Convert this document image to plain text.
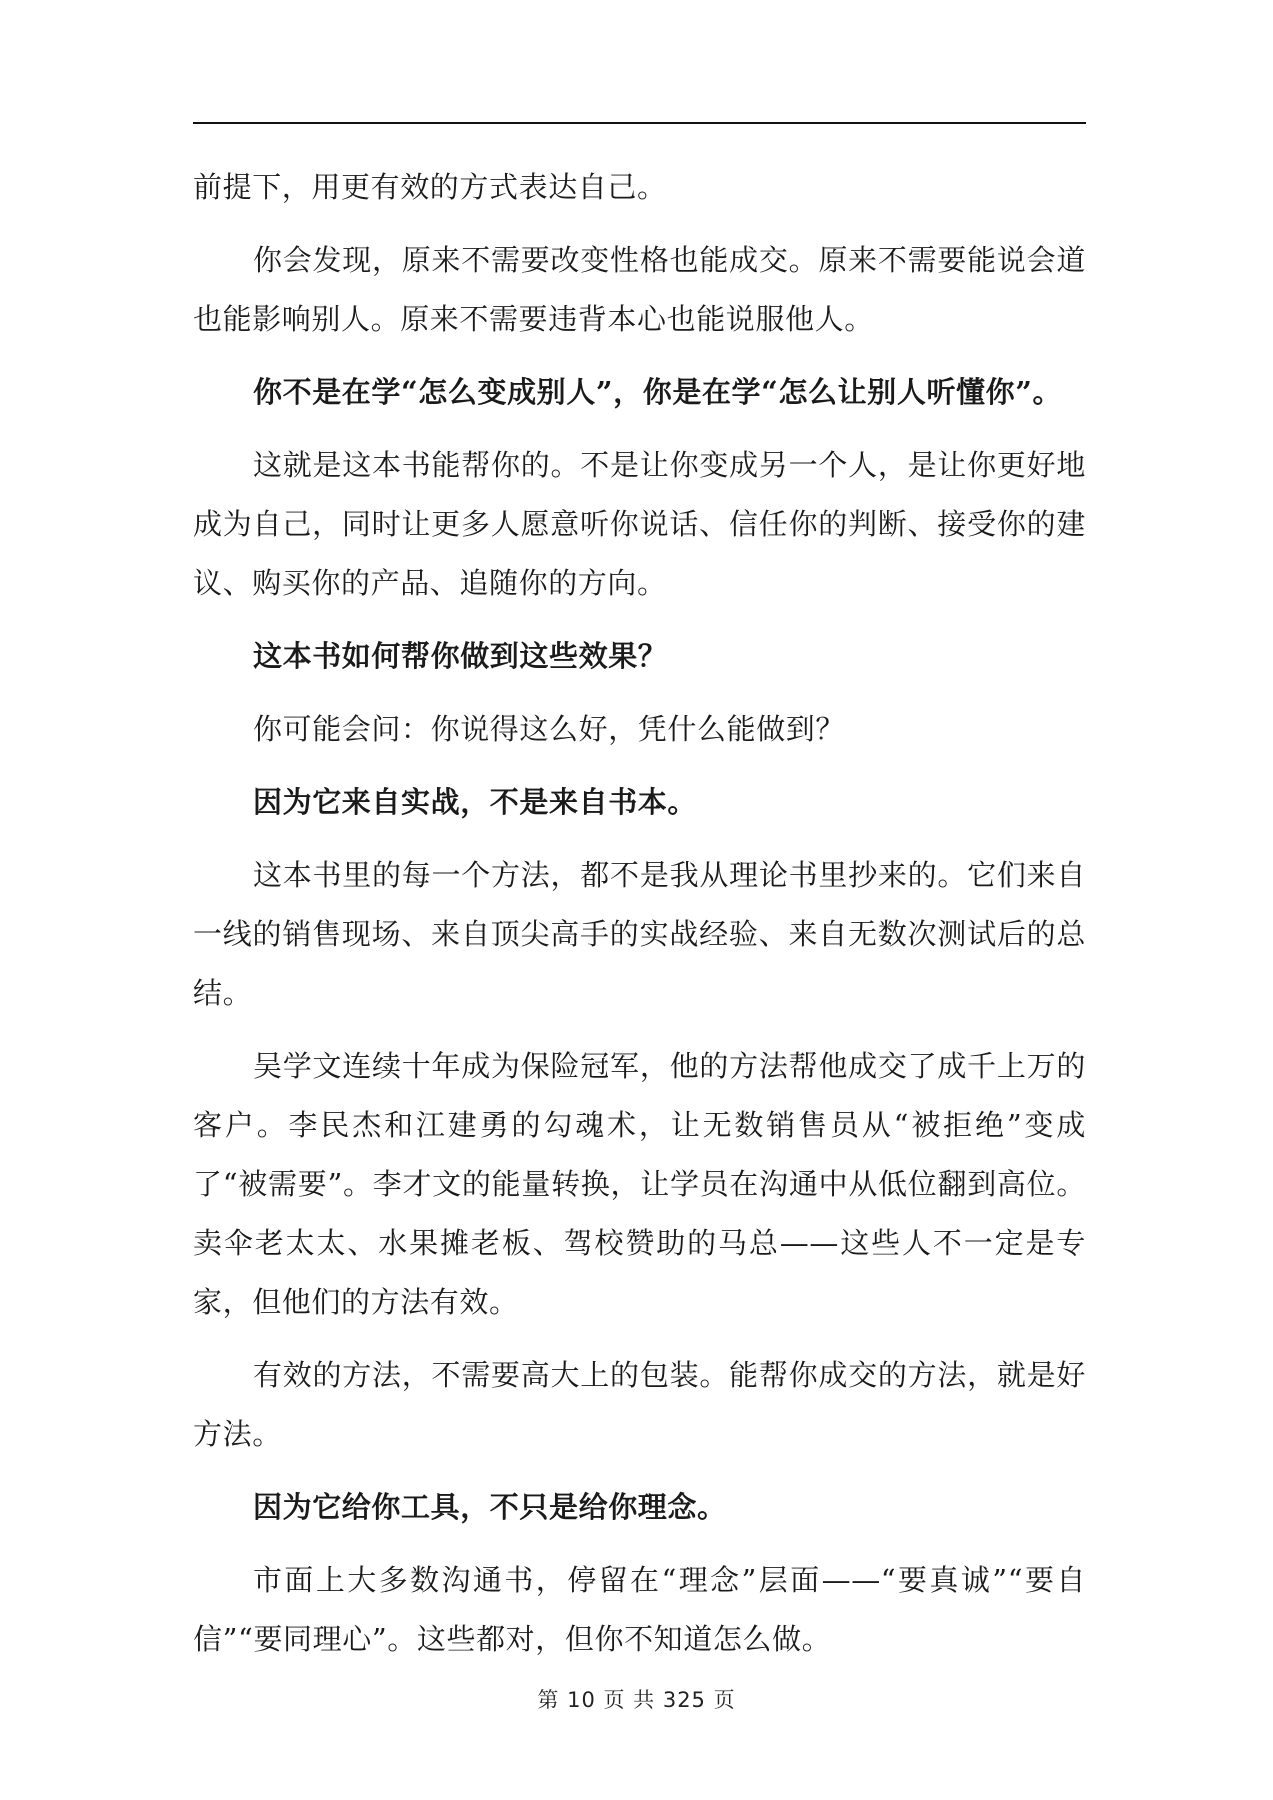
前提下，用更有效的方式表达自己。

你会发现，原来不需要改变性格也能成交。原来不需要能说会道也能影响别人。原来不需要违背本心也能说服他人。

你不是在学“怎么变成别人”，你是在学“怎么让别人听懂你”。

这就是这本书能帮你的。不是让你变成另一个人，是让你更好地成为自己，同时让更多人愿意听你说话、信任你的判断、接受你的建议、购买你的产品、追随你的方向。

这本书如何帮你做到这些效果？

你可能会问：你说得这么好，凭什么能做到？

因为它来自实战，不是来自书本。

这本书里的每一个方法，都不是我从理论书里抄来的。它们来自一线的销售现场、来自顶尖高手的实战经验、来自无数次测试后的总结。

吴学文连续十年成为保险冠军，他的方法帮他成交了成千上万的客户。李民杰和江建勇的勾魂术，让无数销售员从“被拒绝”变成了“被需要”。李才文的能量转换，让学员在沟通中从低位翻到高位。卖伞老太太、水果摊老板、驾校赞助的马总——这些人不一定是专家，但他们的方法有效。

有效的方法，不需要高大上的包装。能帮你成交的方法，就是好方法。

因为它给你工具，不只是给你理念。

市面上大多数沟通书，停留在“理念”层面——“要真诚”“要自信”“要同理心”。这些都对，但你不知道怎么做。

第 10 页 共 325 页
